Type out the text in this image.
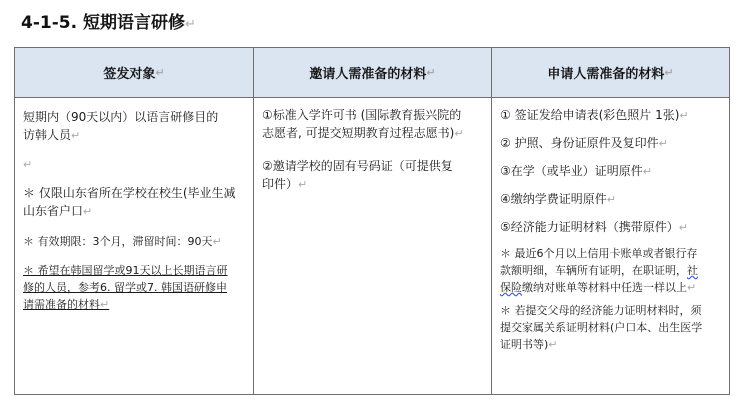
4-1-5. 短期语言研修↵
签发对象 ↵	邀请人需准备的材料 ↵	申请人需准备的材料 ↵

短期内（90天以内）以语言研修目的

访韩人员↵

↵

＊ 仅限山东省所在学校在校生(毕业生减

山东省户口↵

＊ 有效期限：3个月，滞留时间：90天↵

＊ 希望在韩国留学或91天以上长期语言研

修的人员，参考6. 留学或7. 韩国语研修申

请需准备的材料↵

①标准入学许可书 (国际教育振兴院的

志愿者, 可提交短期教育过程志愿书)↵

②邀请学校的固有号码证（可提供复

印件）↵

① 签证发给申请表(彩色照片 1张)↵

② 护照、身份证原件及复印件↵

③在学（或毕业）证明原件↵

④缴纳学费证明原件↵

⑤经济能力证明材料（携带原件）↵

＊ 最近6个月以上信用卡账单或者银行存

款额明细，车辆所有证明，在职证明，社

保险缴纳对账单等材料中任选一样以上↵

＊ 若提交父母的经济能力证明材料时，须

提交家属关系证明材料(户口本、出生医学

证明书等)↵
